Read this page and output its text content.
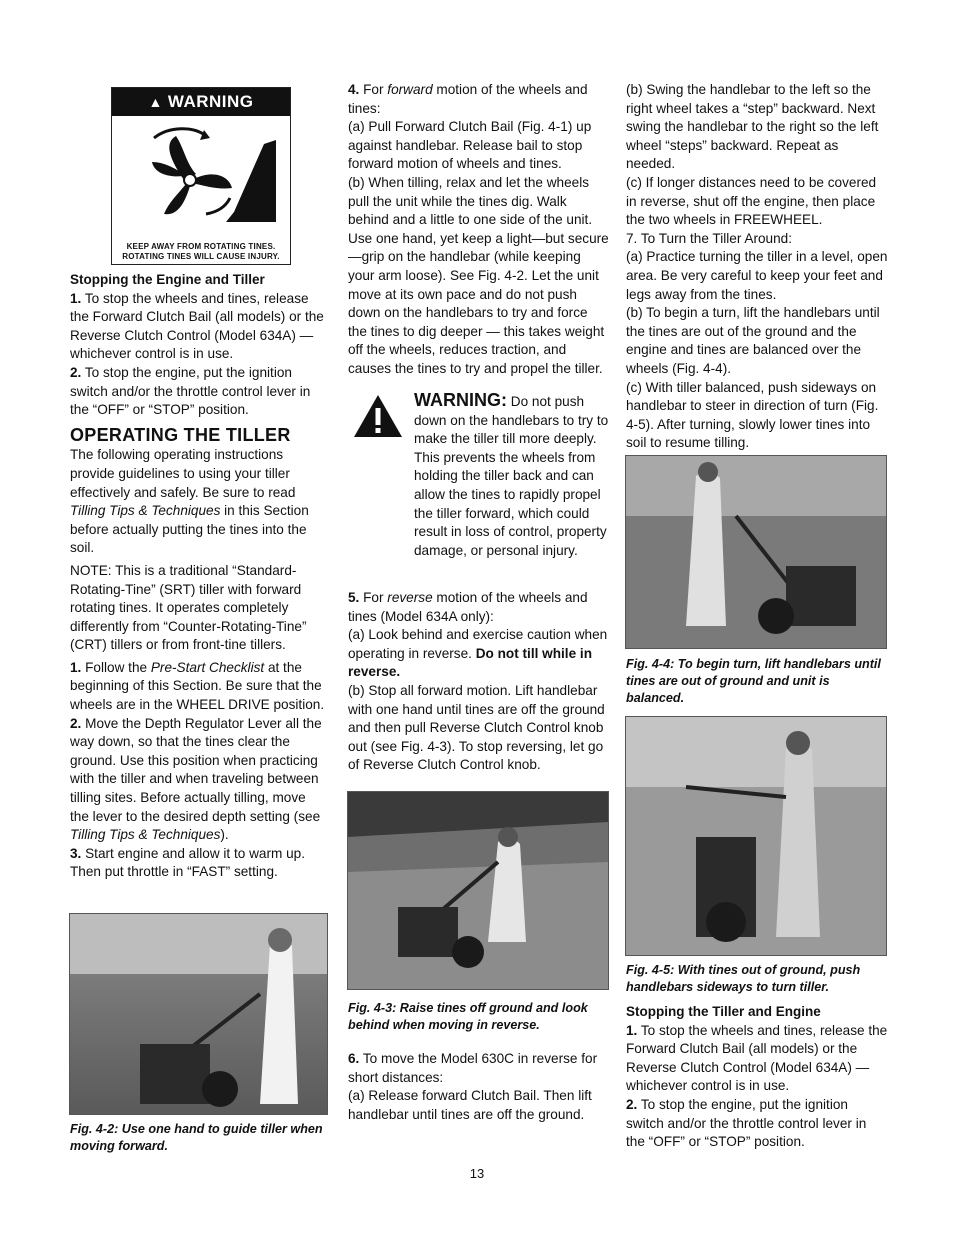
▲ WARNING
KEEP AWAY FROM ROTATING TINES.
ROTATING TINES WILL CAUSE INJURY.

Stopping the Engine and Tiller

1. To stop the wheels and tines, release the Forward Clutch Bail (all models) or the Reverse Clutch Control (Model 634A) — whichever control is in use.

2. To stop the engine, put the ignition switch and/or the throttle control lever in the “OFF” or “STOP” position.

OPERATING THE TILLER

The following operating instructions provide guidelines to using your tiller effectively and safely. Be sure to read Tilling Tips & Techniques in this Section before actually putting the tines into the soil.

NOTE: This is a traditional “Standard-Rotating-Tine” (SRT) tiller with forward rotating tines. It operates completely differently from “Counter-Rotating-Tine” (CRT) tillers or from front-tine tillers.

1. Follow the Pre-Start Checklist at the beginning of this Section. Be sure that the wheels are in the WHEEL DRIVE position.

2. Move the Depth Regulator Lever all the way down, so that the tines clear the ground. Use this position when practicing with the tiller and when traveling between tilling sites. Before actually tilling, move the lever to the desired depth setting (see Tilling Tips & Techniques).

3. Start engine and allow it to warm up. Then put throttle in “FAST” setting.

Fig. 4-2: Use one hand to guide tiller when moving forward.

4. For forward motion of the wheels and tines:

(a) Pull Forward Clutch Bail (Fig. 4-1) up against handlebar. Release bail to stop forward motion of wheels and tines.

(b) When tilling, relax and let the wheels pull the unit while the tines dig. Walk behind and a little to one side of the unit. Use one hand, yet keep a light—but secure—grip on the handlebar (while keeping your arm loose). See Fig. 4-2. Let the unit move at its own pace and do not push down on the handlebars to try and force the tines to dig deeper — this takes weight off the wheels, reduces traction, and causes the tines to try and propel the tiller.

WARNING: Do not push down on the handlebars to try to make the tiller till more deeply. This prevents the wheels from holding the tiller back and can allow the tines to rapidly propel the tiller forward, which could result in loss of control, property damage, or personal injury.

5. For reverse motion of the wheels and tines (Model 634A only):

(a) Look behind and exercise caution when operating in reverse. Do not till while in reverse.

(b) Stop all forward motion. Lift handlebar with one hand until tines are off the ground and then pull Reverse Clutch Control knob out (see Fig. 4-3). To stop reversing, let go of Reverse Clutch Control knob.

Fig. 4-3: Raise tines off ground and look behind when moving in reverse.

6. To move the Model 630C in reverse for short distances:

(a) Release forward Clutch Bail. Then lift handlebar until tines are off the ground.

(b) Swing the handlebar to the left so the right wheel takes a “step” backward. Next swing the handlebar to the right so the left wheel “steps” backward. Repeat as needed.

(c) If longer distances need to be covered in reverse, shut off the engine, then place the two wheels in FREEWHEEL.

7. To Turn the Tiller Around:

(a) Practice turning the tiller in a level, open area. Be very careful to keep your feet and legs away from the tines.

(b) To begin a turn, lift the handlebars until the tines are out of the ground and the engine and tines are balanced over the wheels (Fig. 4-4).

(c) With tiller balanced, push sideways on handlebar to steer in direction of turn (Fig. 4-5). After turning, slowly lower tines into soil to resume tilling.

Fig. 4-4: To begin turn, lift handlebars until tines are out of ground and unit is balanced.
Fig. 4-5: With tines out of ground, push handlebars sideways to turn tiller.

Stopping the Tiller and Engine

1. To stop the wheels and tines, release the Forward Clutch Bail (all models) or the Reverse Clutch Control (Model 634A) — whichever control is in use.

2. To stop the engine, put the ignition switch and/or the throttle control lever in the “OFF” or “STOP” position.

13
